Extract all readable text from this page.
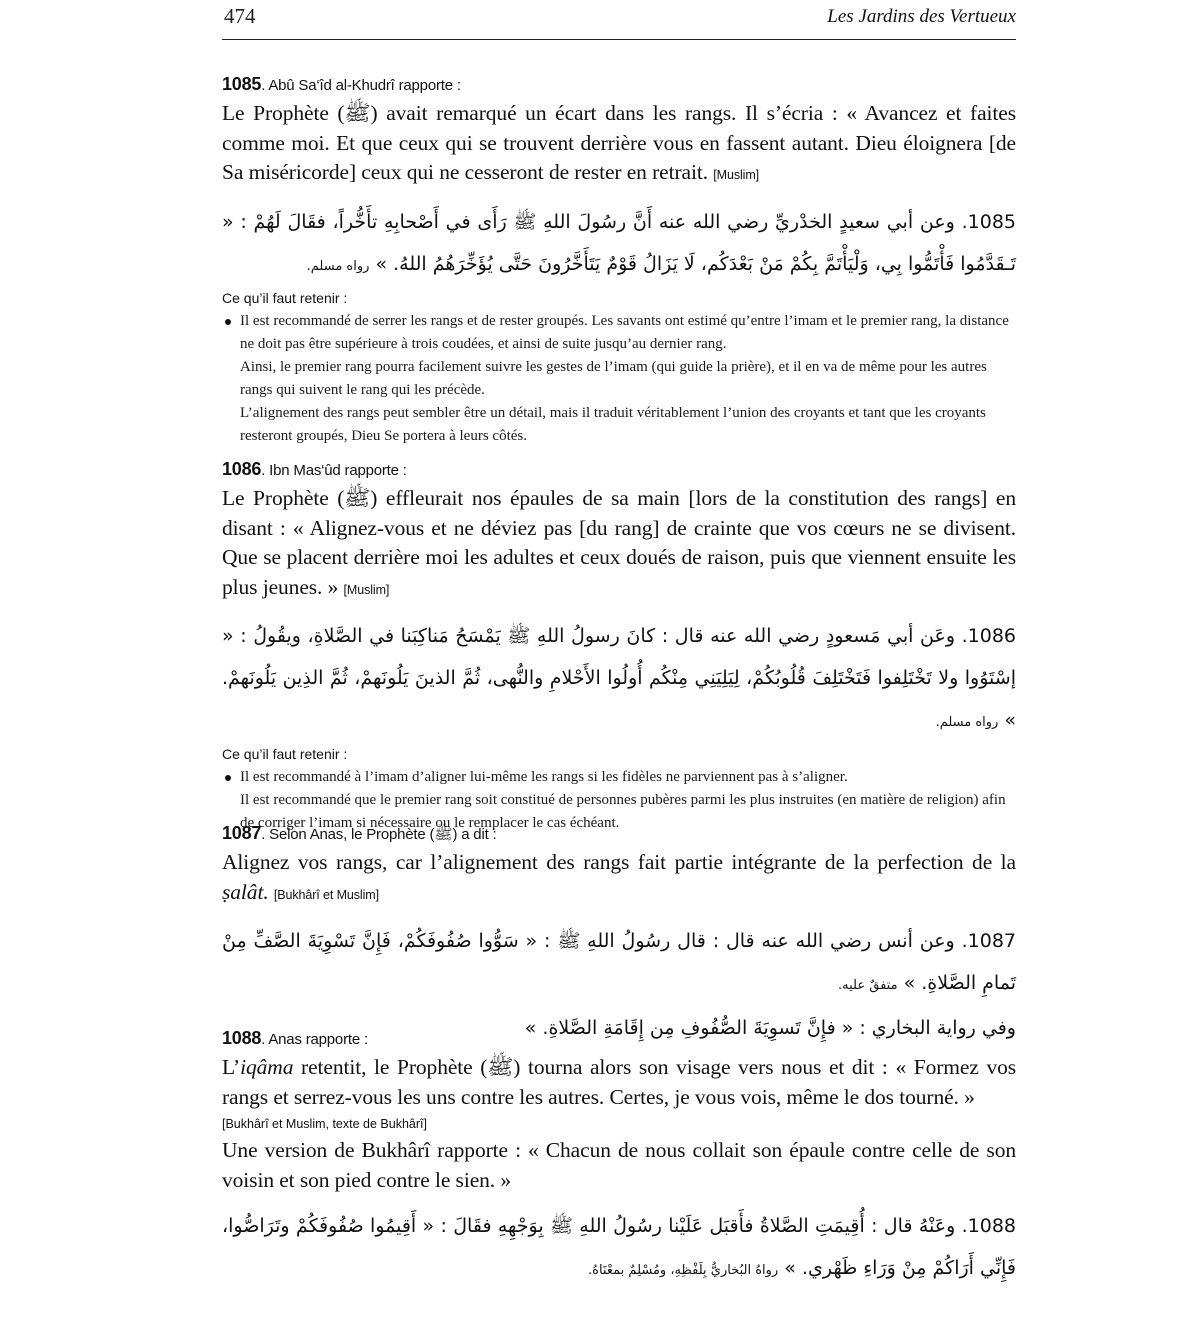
474	Les Jardins des Vertueux
1085. Abû Sa‘îd al-Khudrî rapporte :
Le Prophète (ﷺ) avait remarqué un écart dans les rangs. Il s’écria : « Avancez et faites comme moi. Et que ceux qui se trouvent derrière vous en fassent autant. Dieu éloignera [de Sa miséricorde] ceux qui ne cesseront de rester en retrait. [Muslim]
1085. وعن أبي سعيدٍ الخدْريِّ رضي الله عنه أَنَّ رسُولَ اللهِ ﷺ رَأَى في أَصْحابِهِ تأَخُّراً، فقَالَ لَهُمْ : « تَـقَدَّمُوا فَأْتَمُّوا بِي، وَلْيَأْتَمَّ بِكُمْ مَنْ بَعْدَكُم، لَا يَزَالُ قَوْمٌ يَتَأَخَّرُونَ حَتَّى يُؤَخِّرَهُمُ اللهُ. » رواه مسلم.
Ce qu’il faut retenir :

Il est recommandé de serrer les rangs et de rester groupés. Les savants ont estimé qu’entre l’imam et le premier rang, la distance ne doit pas être supérieure à trois coudées, et ainsi de suite jusqu’au dernier rang.

Ainsi, le premier rang pourra facilement suivre les gestes de l’imam (qui guide la prière), et il en va de même pour les autres rangs qui suivent le rang qui les précède.

L’alignement des rangs peut sembler être un détail, mais il traduit véritablement l’union des croyants et tant que les croyants resteront groupés, Dieu Se portera à leurs côtés.

1086. Ibn Mas‘ûd rapporte :
Le Prophète (ﷺ) effleurait nos épaules de sa main [lors de la constitution des rangs] en disant : « Alignez-vous et ne déviez pas [du rang] de crainte que vos cœurs ne se divisent. Que se placent derrière moi les adultes et ceux doués de raison, puis que viennent ensuite les plus jeunes. » [Muslim]
1086. وعَن أبي مَسعودٍ رضي الله عنه قال : كانَ رسولُ اللهِ ﷺ يَمْسَحُ مَناكِبَنا في الصَّلاةِ، ويقُولُ : « إسْتَوُوا ولا تَخْتَلِفوا فَتَخْتَلِفَ قُلُوبُكُمْ، لِيَلِيَنِي مِنْكُم أُولُوا الأَحْلامِ والنُّهى، ثُمَّ الذينَ يَلُونَهمْ، ثُمَّ الذِين يَلُونَهمْ. » رواه مسلم.
Ce qu’il faut retenir :

Il est recommandé à l’imam d’aligner lui-même les rangs si les fidèles ne parviennent pas à s’aligner.

Il est recommandé que le premier rang soit constitué de personnes pubères parmi les plus instruites (en matière de religion) afin de corriger l’imam si nécessaire ou le remplacer le cas échéant.

1087. Selon Anas, le Prophète (ﷺ) a dit :
Alignez vos rangs, car l’alignement des rangs fait partie intégrante de la perfection de la ṣalât. [Bukhârî et Muslim]
1087. وعن أنس رضي الله عنه قال : قال رسُولُ اللهِ ﷺ : « سَوُّوا صُفُوفَكُمْ، فَإِنَّ تَسْوِيَةَ الصَّفِّ مِنْ تَمامِ الصَّلاةِ. » متفقٌ عليه.
وفي رواية البخاري : « فإِنَّ تَسوِيَةَ الصُّفُوفِ مِن إِقَامَةِ الصَّلاةِ. »
1088. Anas rapporte :
L’iqâma retentit, le Prophète (ﷺ) tourna alors son visage vers nous et dit : « Formez vos rangs et serrez-vous les uns contre les autres. Certes, je vous vois, même le dos tourné. »
[Bukhârî et Muslim, texte de Bukhârî]
Une version de Bukhârî rapporte : « Chacun de nous collait son épaule contre celle de son voisin et son pied contre le sien. »
1088. وعَنْهُ قال : أُقِيمَتِ الصَّلاةُ فأَقبَل عَلَيْنا رسُولُ اللهِ ﷺ بِوَجْهِهِ فقَالَ : « أَقِيمُوا صُفُوفَكُمْ وتَرَاصُّوا، فَإِنِّي أَرَاكُمْ مِنْ وَرَاءِ ظَهْري. » رواهُ البُخاريُّ بِلَفْظِهِ، ومُسْلِمٌ بمعْنَاهُ.
